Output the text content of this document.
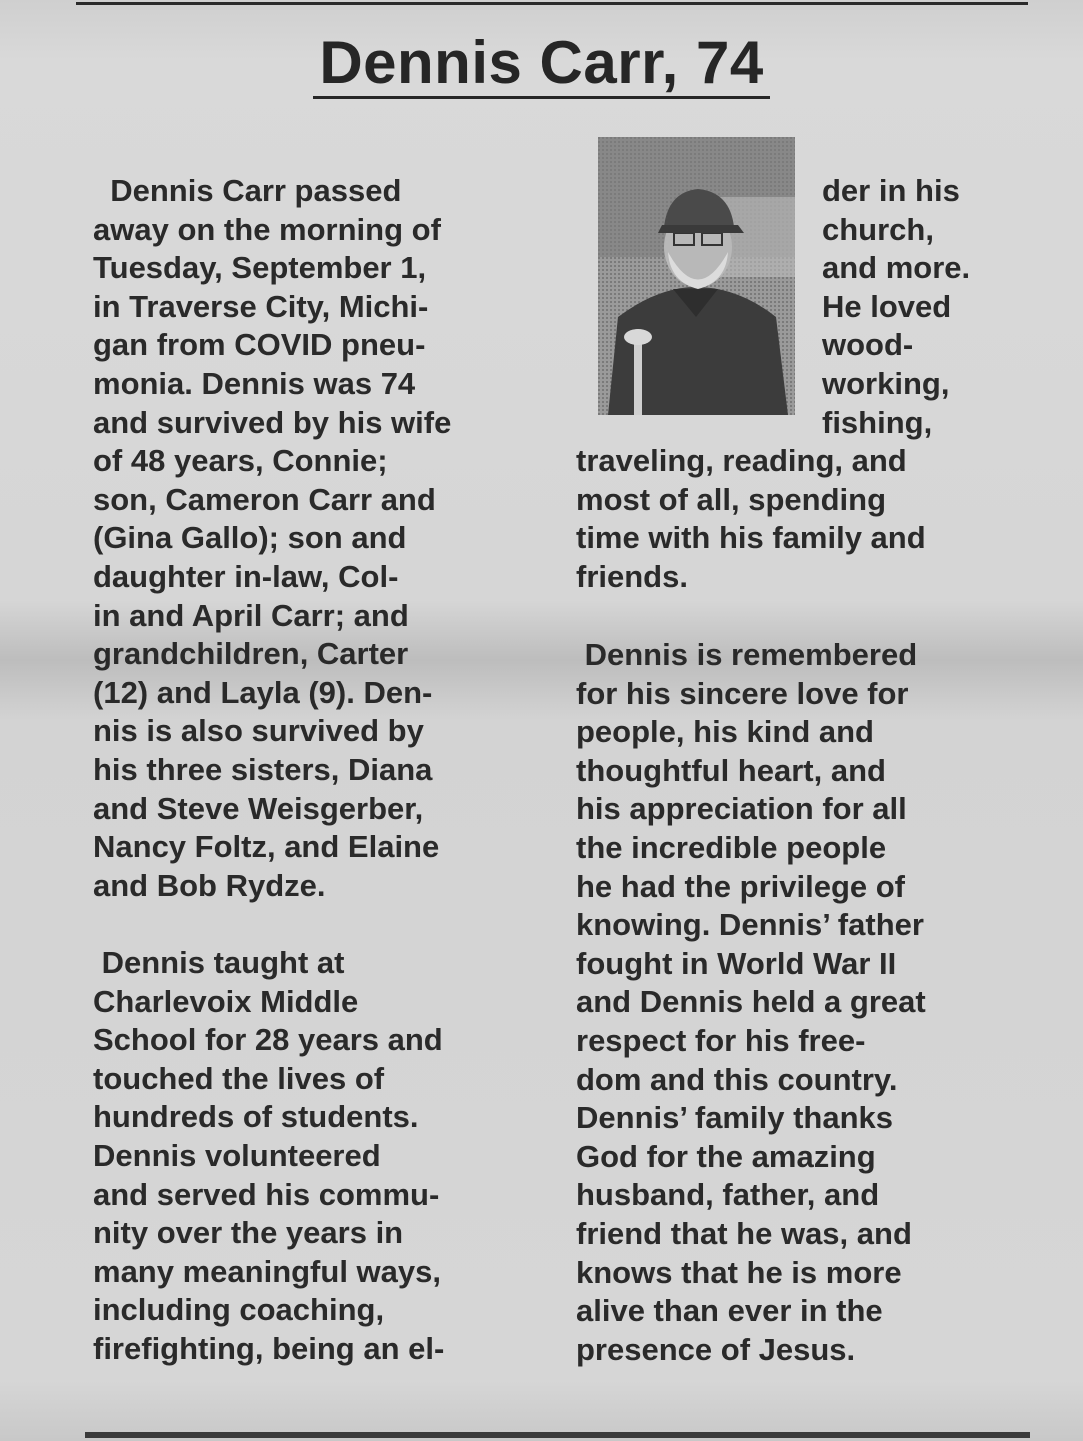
Dennis Carr, 74

Dennis Carr passed
away on the morning of
Tuesday, September 1,
in Traverse City, Michi-
gan from COVID pneu-
monia. Dennis was 74
and survived by his wife
of 48 years, Connie;
son, Cameron Carr and
(Gina Gallo); son and
daughter in-law, Col-
in and April Carr; and
grandchildren, Carter
(12) and Layla (9). Den-
nis is also survived by
his three sisters, Diana
and Steve Weisgerber,
Nancy Foltz, and Elaine
and Bob Rydze.

Dennis taught at
Charlevoix Middle
School for 28 years and
touched the lives of
hundreds of students.
Dennis volunteered
and served his commu-
nity over the years in
many meaningful ways,
including coaching,
firefighting, being an el-

der in his
church,
and more.
He loved
wood-
working,
fishing,

traveling, reading, and
most of all, spending
time with his family and
friends.

Dennis is remembered
for his sincere love for
people, his kind and
thoughtful heart, and
his appreciation for all
the incredible people
he had the privilege of
knowing. Dennis’ father
fought in World War II
and Dennis held a great
respect for his free-
dom and this country.
Dennis’ family thanks
God for the amazing
husband, father, and
friend that he was, and
knows that he is more
alive than ever in the
presence of Jesus.
